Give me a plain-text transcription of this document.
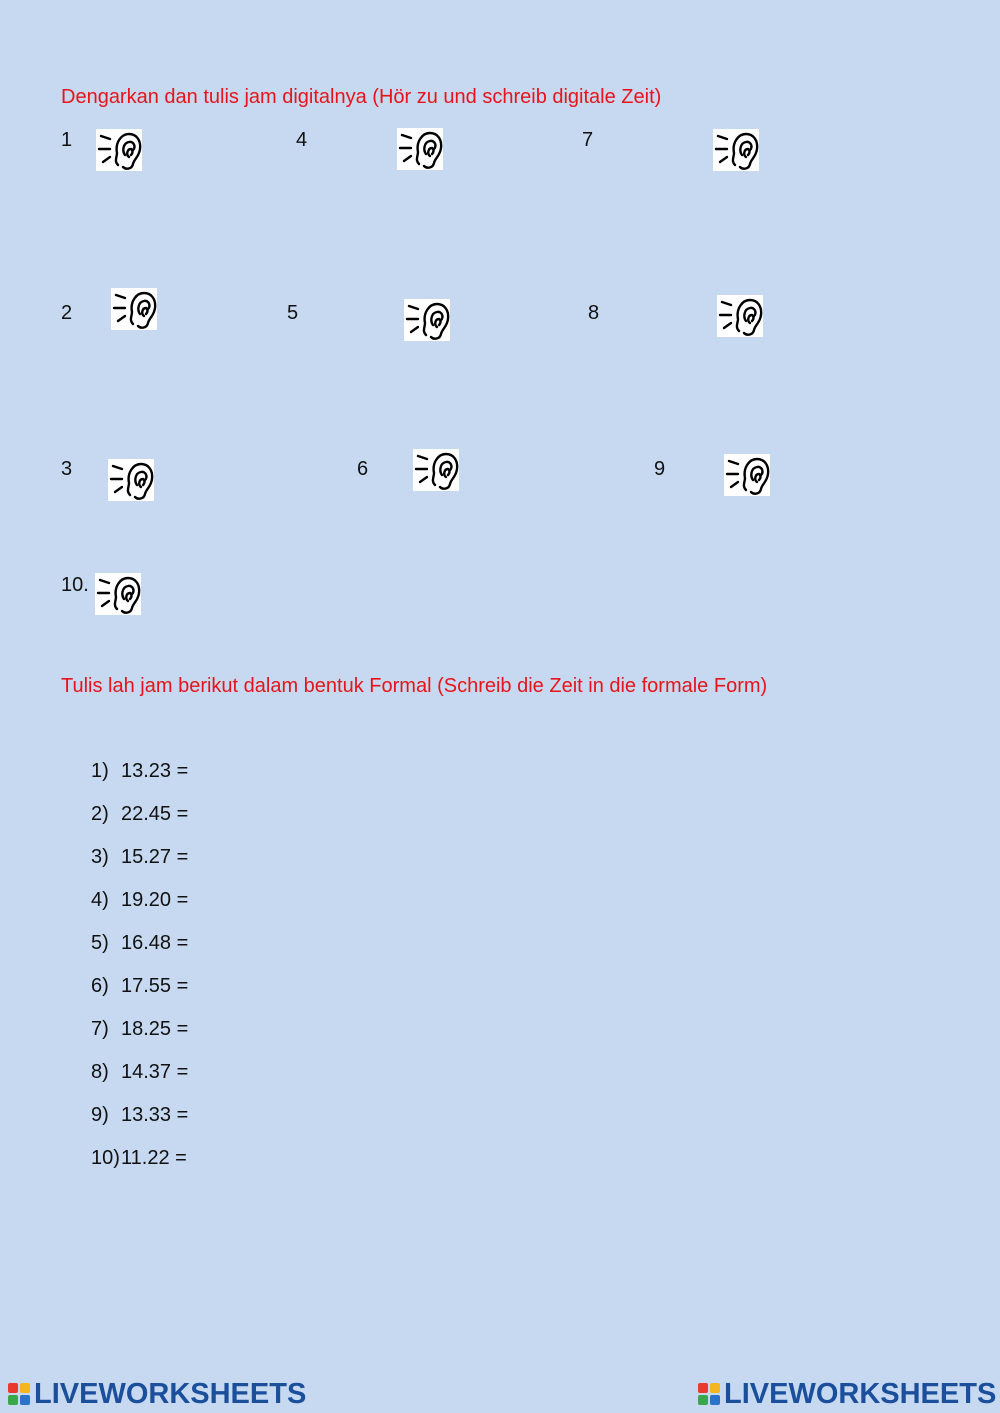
Dengarkan dan tulis jam digitalnya (Hör zu und schreib digitale Zeit)
1	4	7
2	5	8
3	6	9
10.
Tulis lah jam berikut dalam bentuk Formal (Schreib die Zeit in die formale Form)
1) 13.23 =
2) 22.45 =
3) 15.27 =
4) 19.20 =
5) 16.48 =
6) 17.55 =
7) 18.25 =
8) 14.37 =
9) 13.33 =
10) 11.22 =
LIVEWORKSHEETS	LIVEWORKSHEETS
